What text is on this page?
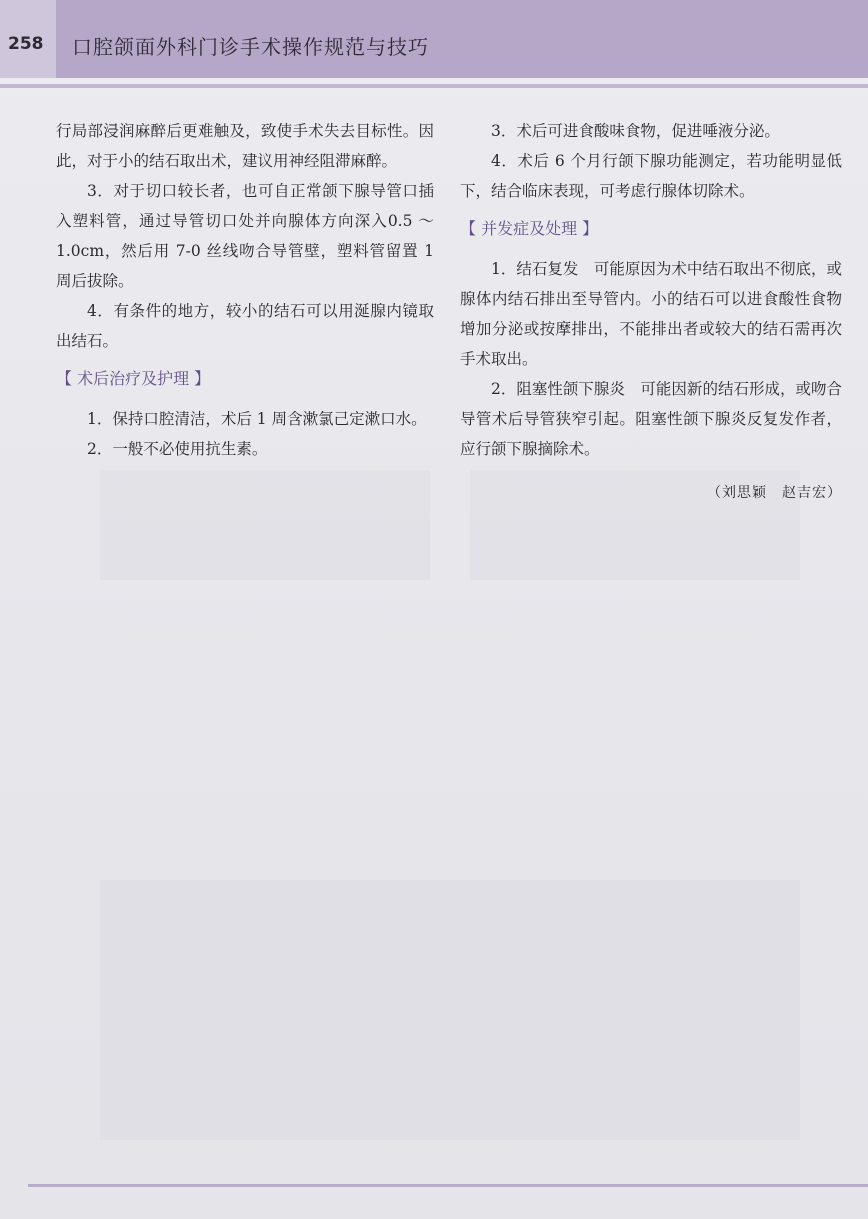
258 口腔颌面外科门诊手术操作规范与技巧

行局部浸润麻醉后更难触及，致使手术失去目标性。因此，对于小的结石取出术，建议用神经阻滞麻醉。

3．对于切口较长者，也可自正常颌下腺导管口插入塑料管，通过导管切口处并向腺体方向深入0.5 ～ 1.0cm，然后用 7-0 丝线吻合导管壁，塑料管留置 1 周后拔除。

4．有条件的地方，较小的结石可以用涎腺内镜取出结石。

【 术后治疗及护理 】

1．保持口腔清洁，术后 1 周含漱氯己定漱口水。

2．一般不必使用抗生素。

3．术后可进食酸味食物，促进唾液分泌。

4．术后 6 个月行颌下腺功能测定，若功能明显低下，结合临床表现，可考虑行腺体切除术。

【 并发症及处理 】

1．结石复发　可能原因为术中结石取出不彻底，或腺体内结石排出至导管内。小的结石可以进食酸性食物增加分泌或按摩排出，不能排出者或较大的结石需再次手术取出。

2．阻塞性颌下腺炎　可能因新的结石形成，或吻合导管术后导管狭窄引起。阻塞性颌下腺炎反复发作者，应行颌下腺摘除术。

（刘思颖　赵吉宏）
